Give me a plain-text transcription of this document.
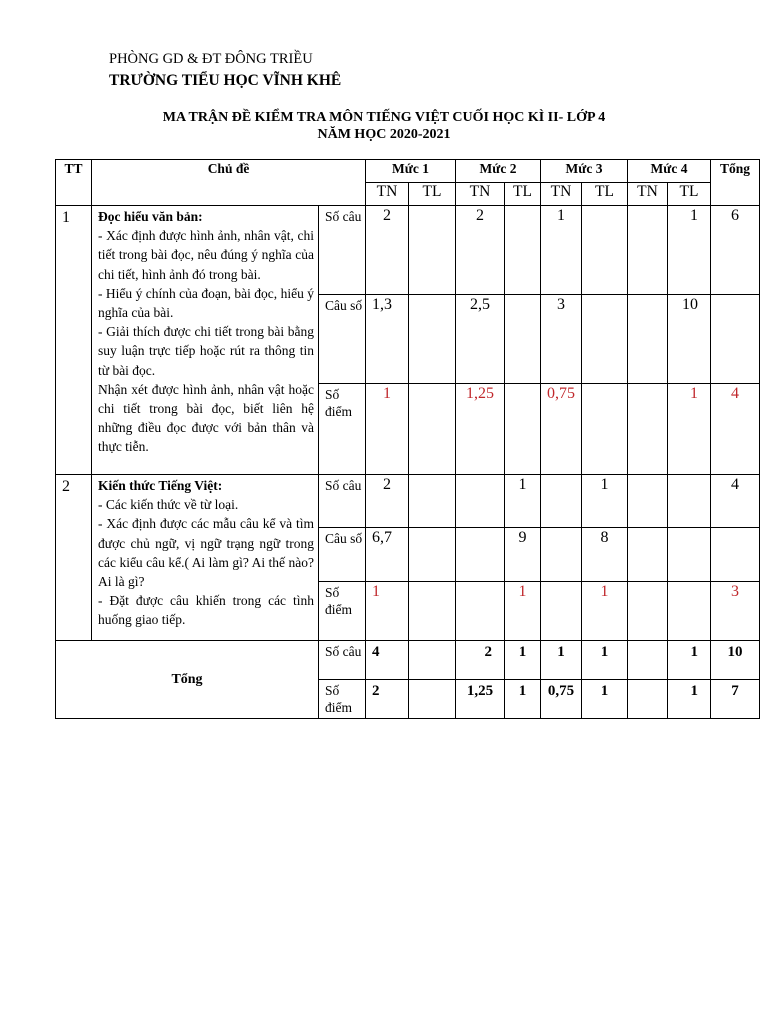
PHÒNG GD & ĐT ĐÔNG TRIỀU
TRƯỜNG TIỂU HỌC VĨNH KHÊ
MA TRẬN ĐỀ KIỂM TRA MÔN TIẾNG VIỆT CUỐI HỌC KÌ II- LỚP 4
NĂM HỌC 2020-2021
TT	Chủ đề		Mức 1		Mức 2		Mức 3		Mức 4		Tổng
			TN	TL	TN	TL	TN	TL	TN	TL	
1	Đọc hiểu văn bản:
- Xác định được hình ảnh, nhân vật, chi tiết trong bài đọc, nêu đúng ý nghĩa của chi tiết, hình ảnh đó trong bài.
- Hiểu ý chính của đoạn, bài đọc, hiểu ý nghĩa của bài.
- Giải thích được chi tiết trong bài bằng suy luận trực tiếp hoặc rút ra thông tin từ bài đọc.
Nhận xét được hình ảnh, nhân vật hoặc chi tiết trong bài đọc, biết liên hệ những điều đọc được với bản thân và thực tiễn.	Số câu	2		2		1			1	6
		Câu số	1,3		2,5		3			10	
		Số điểm	1		1,25		0,75			1	4
2	Kiến thức Tiếng Việt:
- Các kiến thức về từ loại.
- Xác định được các mẫu câu kể và tìm được chủ ngữ, vị ngữ trạng ngữ trong các kiểu câu kể.( Ai làm gì? Ai thế nào? Ai là gì?
- Đặt được câu khiến trong các tình huống giao tiếp.	Số câu	2			1		1			4
		Câu số	6,7			9		8			
		Số điểm	1			1		1			3
Tổng		Số câu	4		2	1	1	1		1	10
		Số điểm	2		1,25	1	0,75	1		1	7
